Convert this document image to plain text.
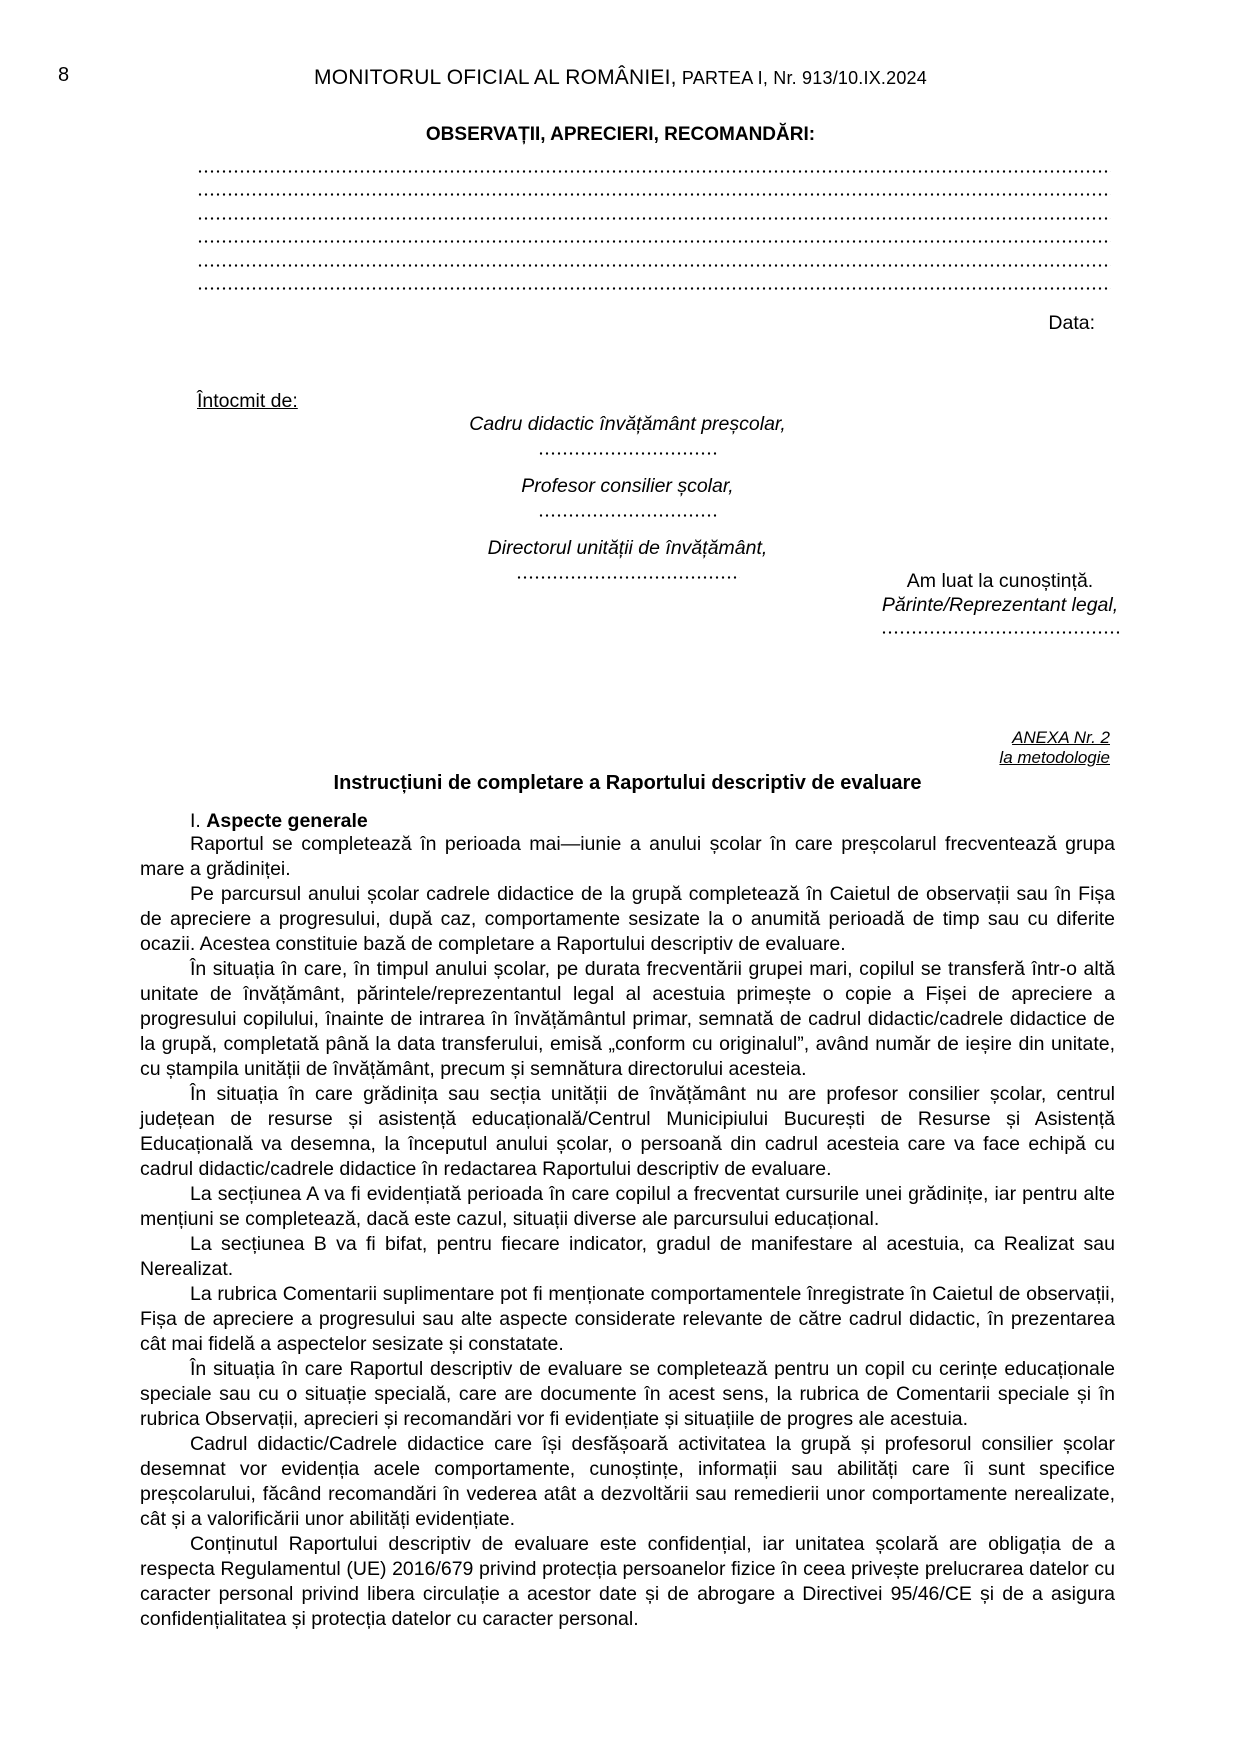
8	MONITORUL OFICIAL AL ROMÂNIEI, PARTEA I, Nr. 913/10.IX.2024
OBSERVAȚII, APRECIERI, RECOMANDĂRI:
Data:
Întocmit de:
Cadru didactic învățământ preșcolar,
Profesor consilier școlar,
Directorul unității de învățământ,
Am luat la cunoștință.
Părinte/Reprezentant legal,
ANEXA Nr. 2
la metodologie
Instrucțiuni de completare a Raportului descriptiv de evaluare
I. Aspecte generale

Raportul se completează în perioada mai—iunie a anului școlar în care preșcolarul frecventează grupa mare a grădiniței.

Pe parcursul anului școlar cadrele didactice de la grupă completează în Caietul de observații sau în Fișa de apreciere a progresului, după caz, comportamente sesizate la o anumită perioadă de timp sau cu diferite ocazii. Acestea constituie bază de completare a Raportului descriptiv de evaluare.

În situația în care, în timpul anului școlar, pe durata frecventării grupei mari, copilul se transferă într-o altă unitate de învățământ, părintele/reprezentantul legal al acestuia primește o copie a Fișei de apreciere a progresului copilului, înainte de intrarea în învățământul primar, semnată de cadrul didactic/cadrele didactice de la grupă, completată până la data transferului, emisă „conform cu originalul”, având număr de ieșire din unitate, cu ștampila unității de învățământ, precum și semnătura directorului acesteia.

În situația în care grădinița sau secția unității de învățământ nu are profesor consilier școlar, centrul județean de resurse și asistență educațională/Centrul Municipiului București de Resurse și Asistență Educațională va desemna, la începutul anului școlar, o persoană din cadrul acesteia care va face echipă cu cadrul didactic/cadrele didactice în redactarea Raportului descriptiv de evaluare.

La secțiunea A va fi evidențiată perioada în care copilul a frecventat cursurile unei grădinițe, iar pentru alte mențiuni se completează, dacă este cazul, situații diverse ale parcursului educațional.

La secțiunea B va fi bifat, pentru fiecare indicator, gradul de manifestare al acestuia, ca Realizat sau Nerealizat.

La rubrica Comentarii suplimentare pot fi menționate comportamentele înregistrate în Caietul de observații, Fișa de apreciere a progresului sau alte aspecte considerate relevante de către cadrul didactic, în prezentarea cât mai fidelă a aspectelor sesizate și constatate.

În situația în care Raportul descriptiv de evaluare se completează pentru un copil cu cerințe educaționale speciale sau cu o situație specială, care are documente în acest sens, la rubrica de Comentarii speciale și în rubrica Observații, aprecieri și recomandări vor fi evidențiate și situațiile de progres ale acestuia.

Cadrul didactic/Cadrele didactice care își desfășoară activitatea la grupă și profesorul consilier școlar desemnat vor evidenția acele comportamente, cunoștințe, informații sau abilități care îi sunt specifice preșcolarului, făcând recomandări în vederea atât a dezvoltării sau remedierii unor comportamente nerealizate, cât și a valorificării unor abilități evidențiate.

Conținutul Raportului descriptiv de evaluare este confidențial, iar unitatea școlară are obligația de a respecta Regulamentul (UE) 2016/679 privind protecția persoanelor fizice în ceea privește prelucrarea datelor cu caracter personal privind libera circulație a acestor date și de abrogare a Directivei 95/46/CE și de a asigura confidențialitatea și protecția datelor cu caracter personal.
